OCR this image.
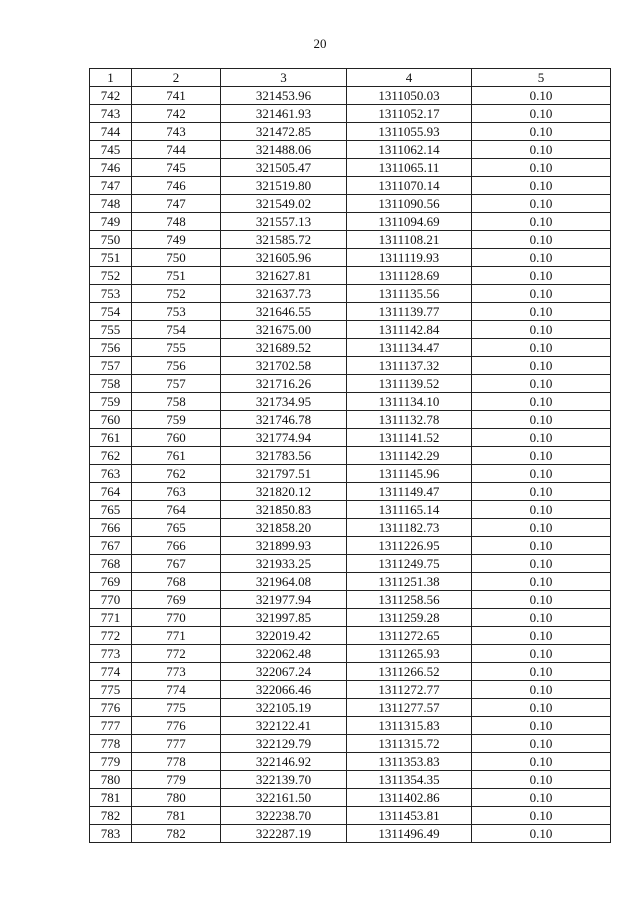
20
1	2	3	4	5
742	741	321453.96	1311050.03	0.10
743	742	321461.93	1311052.17	0.10
744	743	321472.85	1311055.93	0.10
745	744	321488.06	1311062.14	0.10
746	745	321505.47	1311065.11	0.10
747	746	321519.80	1311070.14	0.10
748	747	321549.02	1311090.56	0.10
749	748	321557.13	1311094.69	0.10
750	749	321585.72	1311108.21	0.10
751	750	321605.96	1311119.93	0.10
752	751	321627.81	1311128.69	0.10
753	752	321637.73	1311135.56	0.10
754	753	321646.55	1311139.77	0.10
755	754	321675.00	1311142.84	0.10
756	755	321689.52	1311134.47	0.10
757	756	321702.58	1311137.32	0.10
758	757	321716.26	1311139.52	0.10
759	758	321734.95	1311134.10	0.10
760	759	321746.78	1311132.78	0.10
761	760	321774.94	1311141.52	0.10
762	761	321783.56	1311142.29	0.10
763	762	321797.51	1311145.96	0.10
764	763	321820.12	1311149.47	0.10
765	764	321850.83	1311165.14	0.10
766	765	321858.20	1311182.73	0.10
767	766	321899.93	1311226.95	0.10
768	767	321933.25	1311249.75	0.10
769	768	321964.08	1311251.38	0.10
770	769	321977.94	1311258.56	0.10
771	770	321997.85	1311259.28	0.10
772	771	322019.42	1311272.65	0.10
773	772	322062.48	1311265.93	0.10
774	773	322067.24	1311266.52	0.10
775	774	322066.46	1311272.77	0.10
776	775	322105.19	1311277.57	0.10
777	776	322122.41	1311315.83	0.10
778	777	322129.79	1311315.72	0.10
779	778	322146.92	1311353.83	0.10
780	779	322139.70	1311354.35	0.10
781	780	322161.50	1311402.86	0.10
782	781	322238.70	1311453.81	0.10
783	782	322287.19	1311496.49	0.10
